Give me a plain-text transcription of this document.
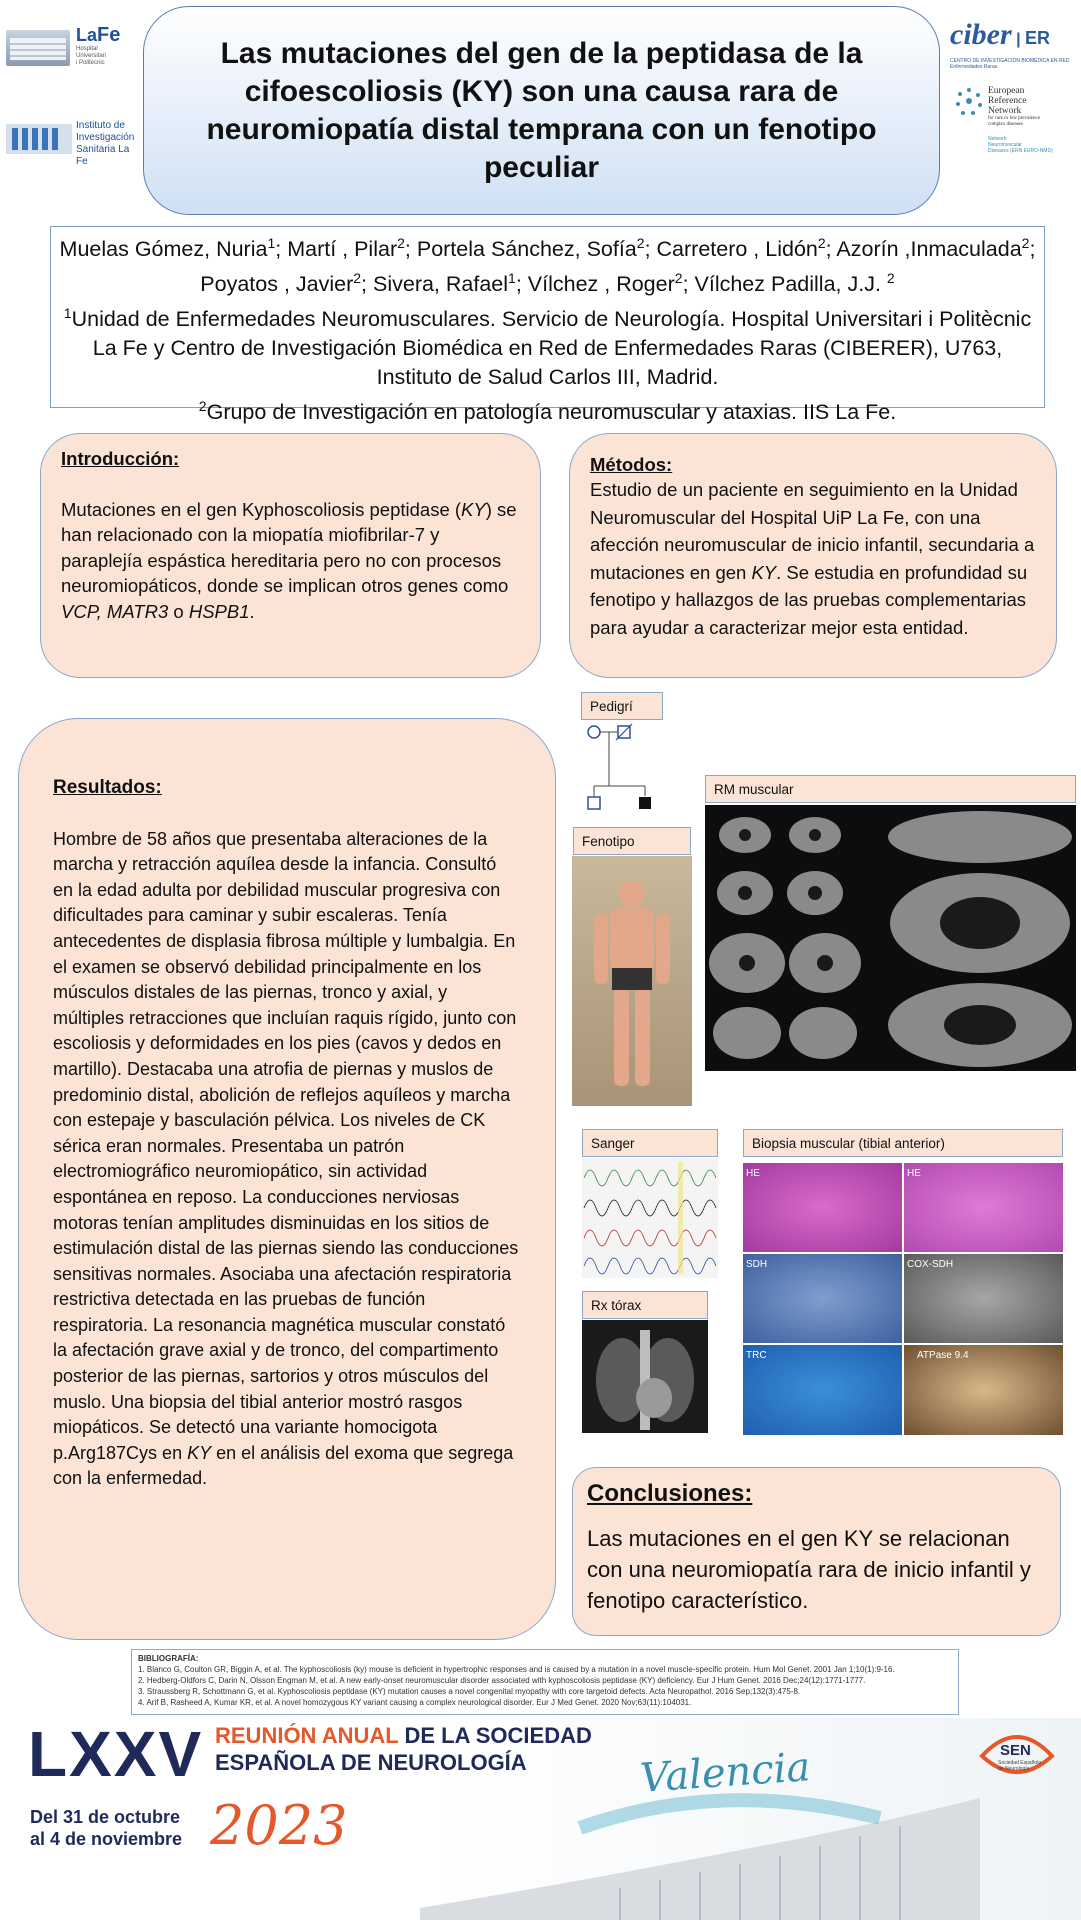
LaFe
Hospital
Universitari
i Politècnic
Instituto de
Investigación
Sanitaria La Fe
ciber | ER
CENTRO DE INVESTIGACIÓN BIOMÉDICA EN RED
Enfermedades Raras
European
Reference
Network
for rare or low prevalence
complex diseases
Network
Neuromuscular
Diseases (ERN EURO-NMD)
Las mutaciones del gen de la peptidasa de la cifoescoliosis (KY) son una causa rara de neuromiopatía distal temprana con un fenotipo peculiar

Muelas Gómez, Nuria$^1$; Martí , Pilar$^2$; Portela Sánchez, Sofía$^2$; Carretero , Lidón$^2$; Azorín ,Inmaculada$^2$; Poyatos , Javier$^2$; Sivera, Rafael$^1$; Vílchez , Roger$^2$; Vílchez Padilla, J.J. $^2$

$^1$Unidad de Enfermedades Neuromusculares. Servicio de Neurología. Hospital Universitari i Politècnic La Fe y Centro de Investigación Biomédica en Red de Enfermedades Raras (CIBERER), U763, Instituto de Salud Carlos III, Madrid.

$^2$Grupo de Investigación en patología neuromuscular y ataxias. IIS La Fe.

Introducción:
Mutaciones en el gen Kyphoscoliosis peptidase (KY) se han relacionado con la miopatía miofibrilar-7 y paraplejía espástica hereditaria pero no con procesos neuromiopáticos, donde se implican otros genes como VCP, MATR3 o HSPB1.
Métodos:
Estudio de un paciente en seguimiento en la Unidad Neuromuscular del Hospital UiP La Fe, con una afección neuromuscular de inicio infantil, secundaria a mutaciones en gen KY. Se estudia en profundidad su fenotipo y hallazgos de las pruebas complementarias para ayudar a caracterizar mejor esta entidad.
Resultados:
Hombre de 58 años que presentaba alteraciones de la marcha y retracción aquílea desde la infancia. Consultó en la edad adulta por debilidad muscular progresiva con dificultades para caminar y subir escaleras. Tenía antecedentes de displasia fibrosa múltiple y lumbalgia. En el examen se observó debilidad principalmente en los músculos distales de las piernas, tronco y axial, y múltiples retracciones que incluían raquis rígido, junto con escoliosis y deformidades en los pies (cavos y dedos en martillo). Destacaba una atrofia de piernas y muslos de predominio distal, abolición de reflejos aquíleos y marcha con estepaje y basculación pélvica. Los niveles de CK sérica eran normales. Presentaba un patrón electromiográfico neuromiopático, sin actividad espontánea en reposo. La conducciones nerviosas motoras tenían amplitudes disminuidas en los sitios de estimulación distal de las piernas siendo las conducciones sensitivas normales. Asociaba una afectación respiratoria restrictiva detectada en las pruebas de función respiratoria. La resonancia magnética muscular constató la afectación grave axial y de tronco, del compartimento posterior de las piernas, sartorios y otros músculos del muslo. Una biopsia del tibial anterior mostró rasgos miopáticos. Se detectó una variante homocigota p.Arg187Cys en KY en el análisis del exoma que segrega con la enfermedad.
Pedigrí
Fenotipo
RM muscular
Sanger
Rx tórax
Biopsia muscular (tibial anterior)
HE	HE
SDH	COX-SDH
TRC	ATPase 9.4
Conclusiones:
Las mutaciones en el gen KY se relacionan con una neuromiopatía rara de inicio infantil y fenotipo característico.
BIBLIOGRAFÍA:
1. Blanco G, Coulton GR, Biggin A, et al. The kyphoscoliosis (ky) mouse is deficient in hypertrophic responses and is caused by a mutation in a novel muscle-specific protein. Hum Mol Genet. 2001 Jan 1;10(1):9-16.
2. Hedberg-Oldfors C, Darin N, Olsson Engman M, et al. A new early-onset neuromuscular disorder associated with kyphoscoliosis peptidase (KY) deficiency. Eur J Hum Genet. 2016 Dec;24(12):1771-1777.
3. Straussberg R, Schottmann G, et al. Kyphoscoliosis peptidase (KY) mutation causes a novel congenital myopathy with core targetoid defects. Acta Neuropathol. 2016 Sep;132(3):475-8.
4. Arif B, Rasheed A, Kumar KR, et al. A novel homozygous KY variant causing a complex neurological disorder. Eur J Med Genet. 2020 Nov;63(11):104031.
LXXV REUNIÓN ANUAL DE LA SOCIEDAD
ESPAÑOLA DE NEUROLOGÍA	Valencia
Del 31 de octubre
al 4 de noviembre 2023
SEN
Sociedad Española
de Neurología
